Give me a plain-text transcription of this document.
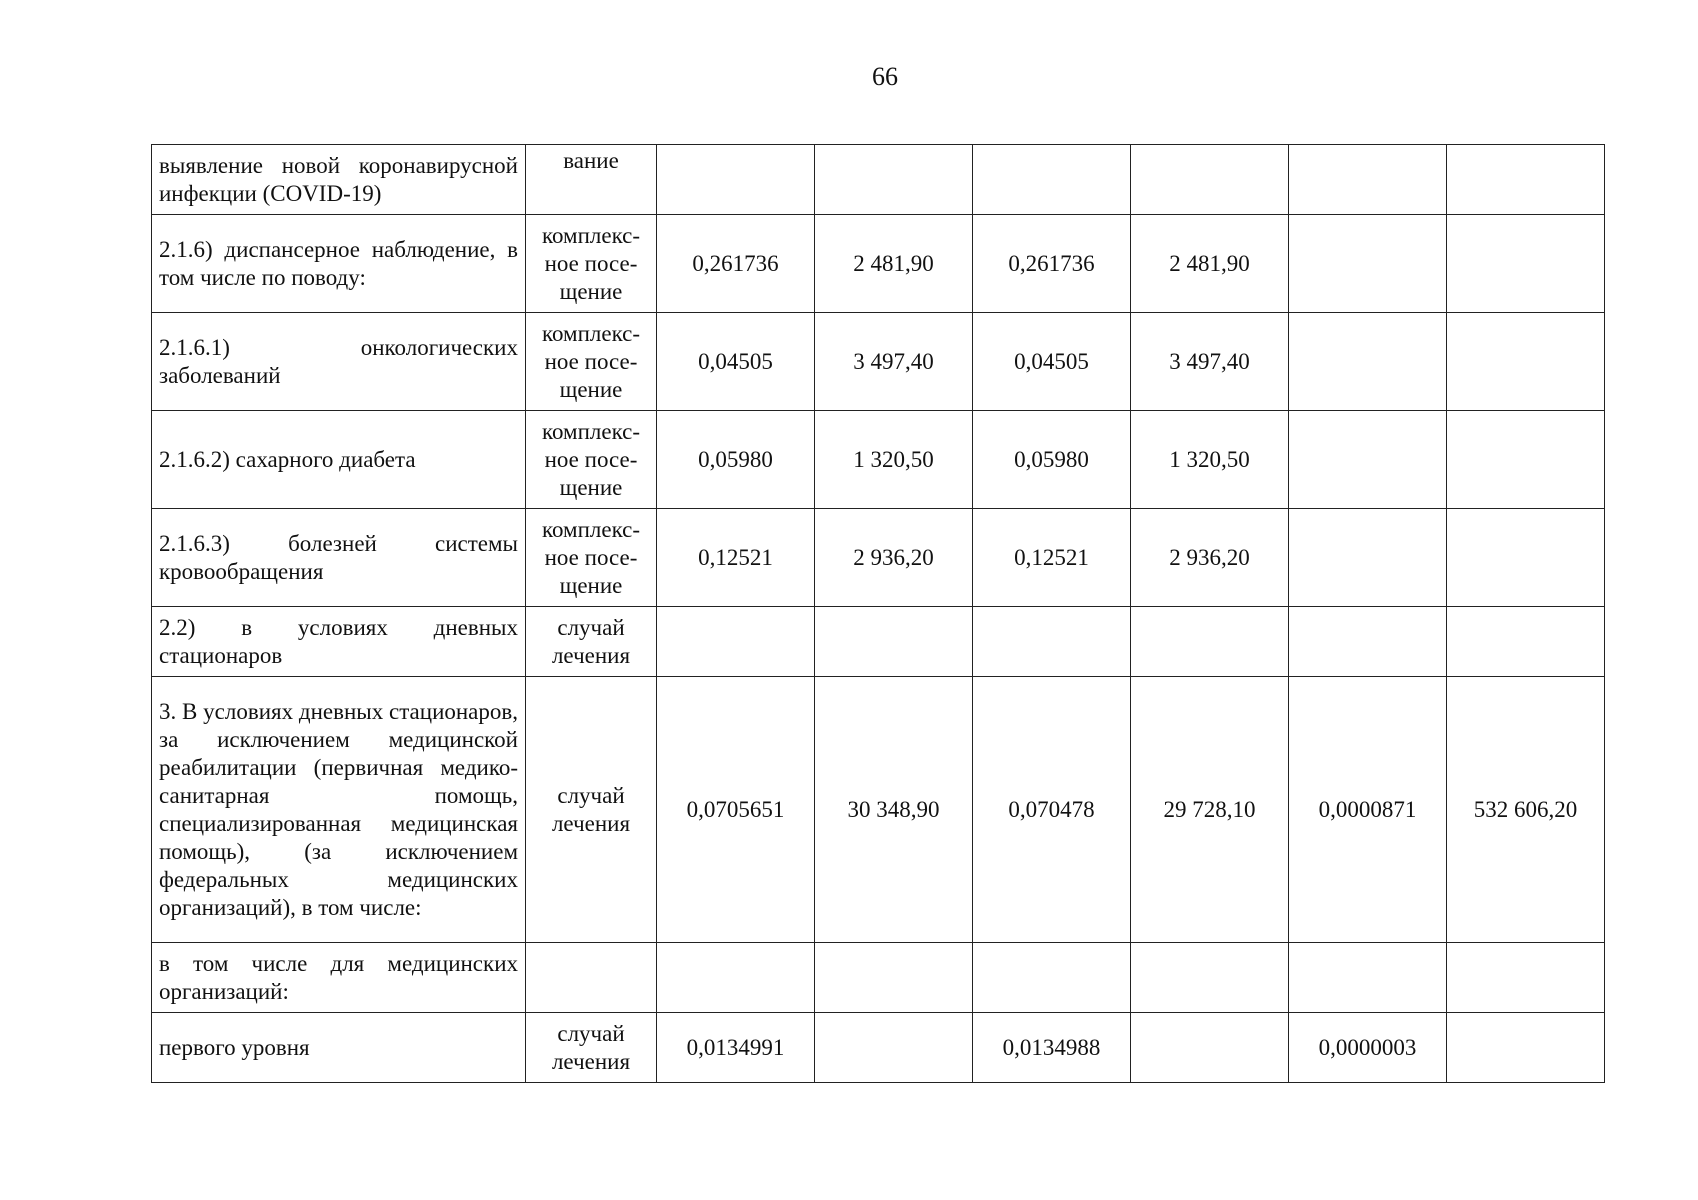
66
выявление новой коронавирусной инфекции (COVID-19)	вание						
2.1.6) диспансерное наблюдение, в том числе по поводу:	комплекс-ное посе-щение	0,261736	2 481,90	0,261736	2 481,90		
2.1.6.1) онкологических заболеваний	комплекс-ное посе-щение	0,04505	3 497,40	0,04505	3 497,40		
2.1.6.2) сахарного диабета	комплекс-ное посе-щение	0,05980	1 320,50	0,05980	1 320,50		
2.1.6.3) болезней системы кровообращения	комплекс-ное посе-щение	0,12521	2 936,20	0,12521	2 936,20		
2.2) в условиях дневных стационаров	случай лечения						
3. В условиях дневных стационаров, за исключением медицинской реабилитации (первичная медико-санитарная помощь, специализированная медицинская помощь), (за исключением федеральных медицинских организаций), в том числе:	случай лечения	0,0705651	30 348,90	0,070478	29 728,10	0,0000871	532 606,20
в том числе для медицинских организаций:							
первого уровня	случай лечения	0,0134991		0,0134988		0,0000003	
